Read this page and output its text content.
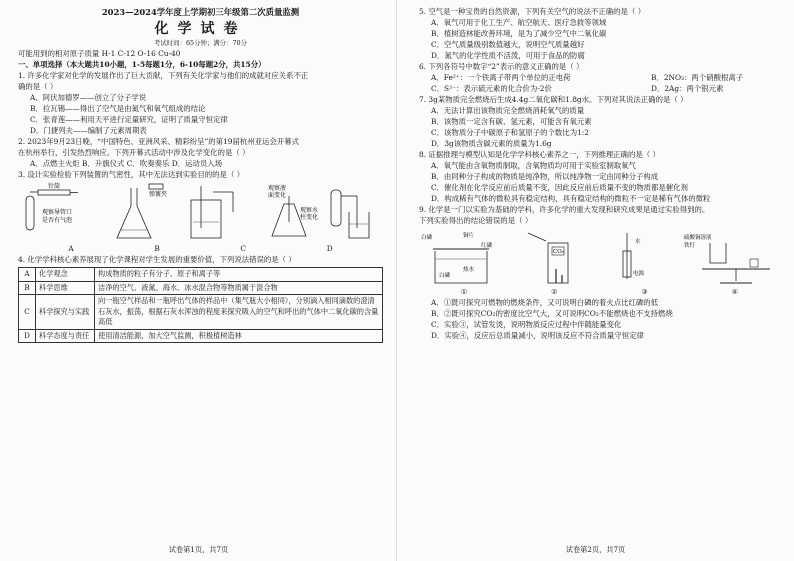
2023—2024学年度上学期初三年级第二次质量监测
化学试卷
考试时间：65分钟；满分：70分
可能用到的相对原子质量 H-1 C-12 O-16 Cu-40
一、单项选择（本大题共10小题，1-5每题1分，6-10每题2分，共15分）
1. 许多化学家对化学的发展作出了巨大贡献，下列有关化学家与他们的成就对应关系不正
确的是（ ）
A．阿伏加德罗——创立了分子学说
B．拉瓦锡——得出了空气是由氮气和氧气组成的结论
C．张青莲——利用天平进行定量研究，证明了质量守恒定律
D．门捷列夫——编制了元素周期表
2. 2023年9月23日晚，“中国特色、亚洲风采、精彩纷呈”的第19届杭州亚运会开幕式
在杭州举行，引发热烈响应。下列开幕式活动中涉及化学变化的是（ ）
A．点燃主火炬 B．升旗仪式 C．吹奏奏乐 D．运动员入场
3. 设计实验检验下列装置的气密性，其中无法达到实验目的的是（ ）
针筒
观察导管口
是否有气泡
弹簧夹
观察液
面变化
观察水
柱变化
A	B	C	D
4. 化学学科核心素养展现了化学课程对学生发展的重要价值，下列说法错误的是（ ）
A	化学观念	构成物质的粒子有分子、原子和离子等
B	科学思维	洁净的空气、液氮、海水、冰水混合物等物质属于混合物
C	科学探究与实践	向一瓶空气样品和一瓶呼出气体的样品中（集气瓶大小相同），分别滴入相同滴数的澄清石灰水，振荡，根据石灰水浑浊的程度来探究吸入的空气和呼出的气体中二氧化碳的含量高低
D	科学态度与责任	使用清洁能源，加大空气监测，积极植树造林
试卷第1页，共7页
5. 空气是一种宝贵的自然资源，下列有关空气的说法不正确的是（ ）
A．氧气可用于化工生产、航空航天、医疗急救等领域
B．植树造林能改善环境，是为了减少空气中二氧化碳
C．空气质量级别数值越大，说明空气质量越好
D．氮气的化学性质不活泼，可用于食品的防腐
6. 下列各符号中数字“2”表示的意义正确的是（ ）
A．Fe²⁺：一个铁离子带两个单位的正电荷	B．2NO₃：两个硝酸根离子
C．S²⁻：表示硫元素的化合价为-2价	D．2Ag：两个银元素
7. 3g某物质完全燃烧后生成4.4g二氧化碳和1.8g水。下列对其说法正确的是（ ）
A．无法计算出该物质完全燃烧消耗氧气的质量
B．该物质一定含有碳、氢元素，可能含有氧元素
C．该物质分子中碳原子和氢原子的个数比为1:2
D．3g该物质含碳元素的质量为1.6g
8. 证据推理与模型认知是化学学科核心素养之一，下列推理正确的是（ ）
A．氧气能由含氧物质制取，含氧物质均可用于实验室制取氧气
B．由同种分子构成的物质是纯净物，所以纯净物一定由同种分子构成
C．催化剂在化学反应前后质量不变，因此反应前后质量不变的物质都是催化剂
D．构成稀有气体的微粒具有稳定结构，具有稳定结构的微粒不一定是稀有气体的微粒
9. 化学是一门以实验为基础的学科，许多化学的重大发现和研究成果是通过实验得到的。
下列实验得出的结论错误的是（ ）
白磷	铜片
红磷
热水
白磷
CO₂
水
电源
硫酸铜溶液
铁钉
①	②	③	④
A．①既可探究可燃物的燃烧条件，又可说明白磷的着火点比红磷的低
B．②既可探究CO₂的密度比空气大，又可说明CO₂不能燃烧也不支持燃烧
C．实验③，试管发烫，说明物质反应过程中伴随能量变化
D．实验④，反应后总质量减小，说明该反应不符合质量守恒定律
试卷第2页，共7页
